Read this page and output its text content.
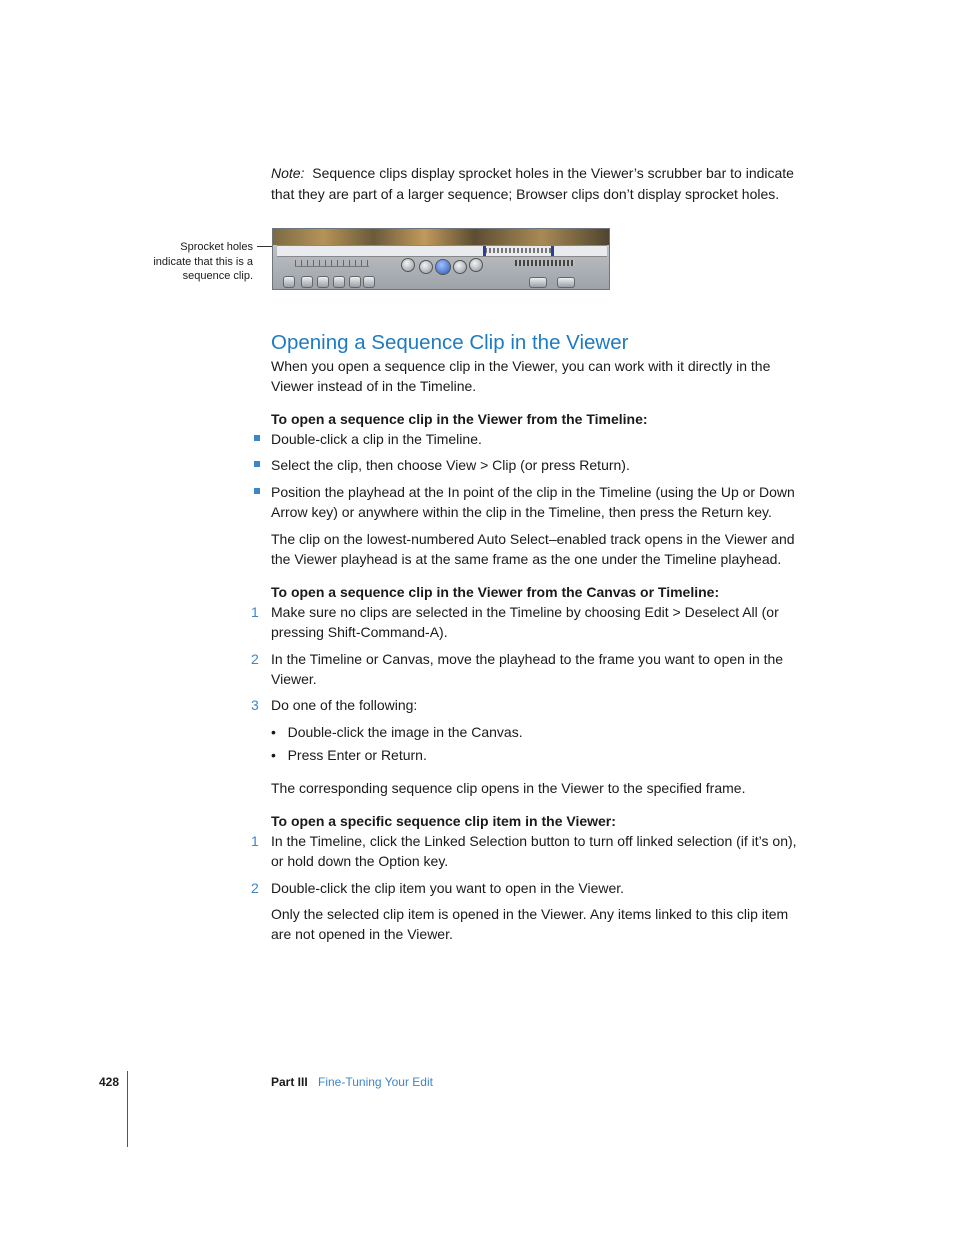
Note: Sequence clips display sprocket holes in the Viewer’s scrubber bar to indicate
that they are part of a larger sequence; Browser clips don’t display sprocket holes.
Sprocket holes
indicate that this is a
sequence clip.
Opening a Sequence Clip in the Viewer
When you open a sequence clip in the Viewer, you can work with it directly in the
Viewer instead of in the Timeline.
To open a sequence clip in the Viewer from the Timeline:
Double-click a clip in the Timeline.
Select the clip, then choose View > Clip (or press Return).
Position the playhead at the In point of the clip in the Timeline (using the Up or Down
Arrow key) or anywhere within the clip in the Timeline, then press the Return key.
The clip on the lowest-numbered Auto Select–enabled track opens in the Viewer and
the Viewer playhead is at the same frame as the one under the Timeline playhead.
To open a sequence clip in the Viewer from the Canvas or Timeline:
1 Make sure no clips are selected in the Timeline by choosing Edit > Deselect All (or
pressing Shift-Command-A).
2 In the Timeline or Canvas, move the playhead to the frame you want to open in the
Viewer.
3 Do one of the following:
• Double-click the image in the Canvas.
• Press Enter or Return.
The corresponding sequence clip opens in the Viewer to the specified frame.
To open a specific sequence clip item in the Viewer:
1 In the Timeline, click the Linked Selection button to turn off linked selection (if it’s on),
or hold down the Option key.
2 Double-click the clip item you want to open in the Viewer.
Only the selected clip item is opened in the Viewer. Any items linked to this clip item
are not opened in the Viewer.
428	Part III Fine-Tuning Your Edit
